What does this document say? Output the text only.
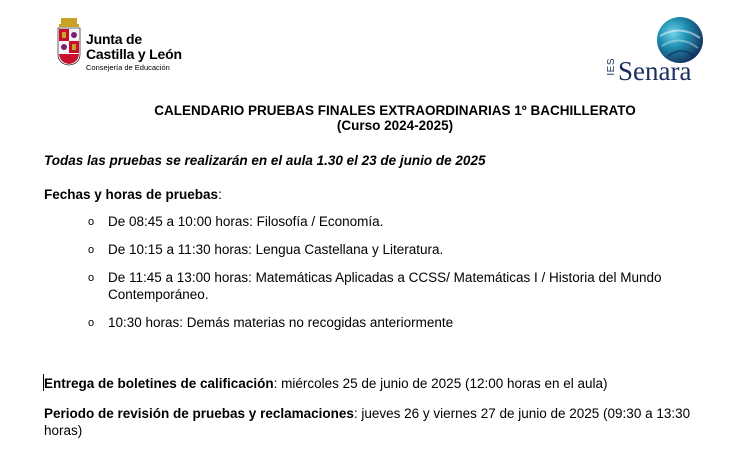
Junta de
Castilla y León
Consejería de Educación	IES Senara
CALENDARIO PRUEBAS FINALES EXTRAORDINARIAS 1º BACHILLERATO
(Curso 2024-2025)
Todas las pruebas se realizarán en el aula 1.30 el 23 de junio de 2025
Fechas y horas de pruebas:
o De 08:45 a 10:00 horas: Filosofía / Economía.
o De 10:15 a 11:30 horas: Lengua Castellana y Literatura.
o De 11:45 a 13:00 horas: Matemáticas Aplicadas a CCSS/ Matemáticas I / Historia del Mundo Contemporáneo.
o 10:30 horas: Demás materias no recogidas anteriormente
Entrega de boletines de calificación: miércoles 25 de junio de 2025 (12:00 horas en el aula)
Periodo de revisión de pruebas y reclamaciones: jueves 26 y viernes 27 de junio de 2025 (09:30 a 13:30 horas)
